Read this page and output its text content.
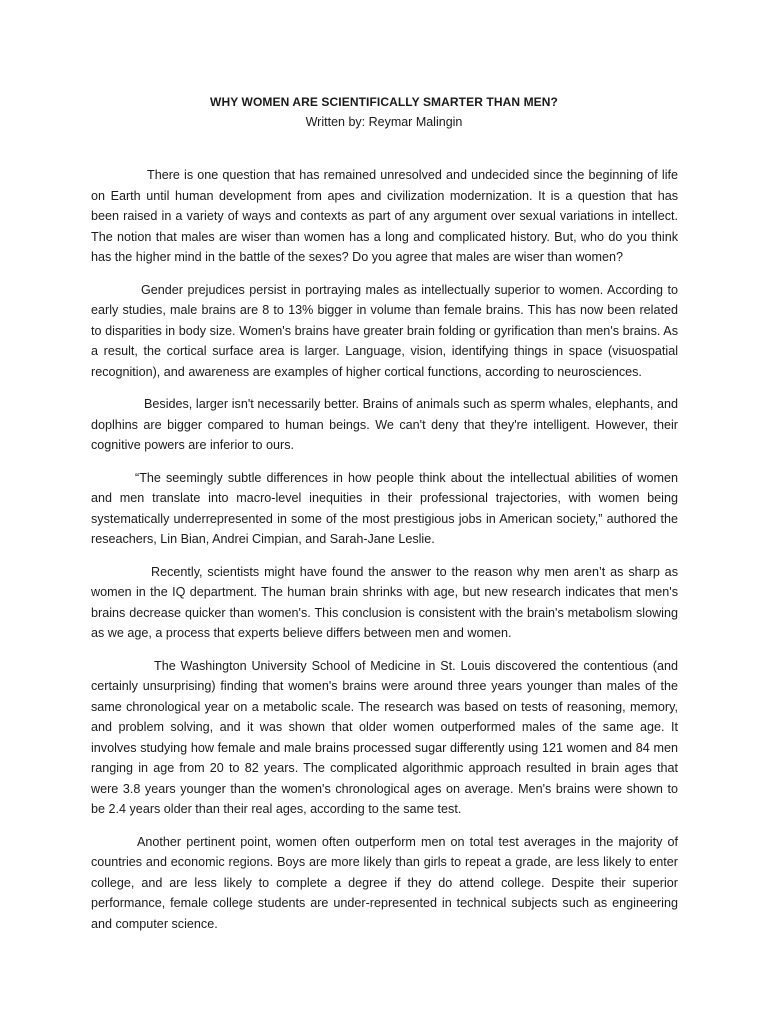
WHY WOMEN ARE SCIENTIFICALLY SMARTER THAN MEN?
Written by: Reymar Malingin

There is one question that has remained unresolved and undecided since the beginning of life on Earth until human development from apes and civilization modernization. It is a question that has been raised in a variety of ways and contexts as part of any argument over sexual variations in intellect. The notion that males are wiser than women has a long and complicated history. But, who do you think has the higher mind in the battle of the sexes? Do you agree that males are wiser than women?

Gender prejudices persist in portraying males as intellectually superior to women. According to early studies, male brains are 8 to 13% bigger in volume than female brains. This has now been related to disparities in body size. Women's brains have greater brain folding or gyrification than men's brains. As a result, the cortical surface area is larger. Language, vision, identifying things in space (visuospatial recognition), and awareness are examples of higher cortical functions, according to neurosciences.

Besides, larger isn't necessarily better. Brains of animals such as sperm whales, elephants, and doplhins are bigger compared to human beings. We can't deny that they're intelligent. However, their cognitive powers are inferior to ours.

“The seemingly subtle differences in how people think about the intellectual abilities of women and men translate into macro-level inequities in their professional trajectories, with women being systematically underrepresented in some of the most prestigious jobs in American society,” authored the reseachers, Lin Bian, Andrei Cimpian, and Sarah-Jane Leslie.

Recently, scientists might have found the answer to the reason why men aren’t as sharp as women in the IQ department. The human brain shrinks with age, but new research indicates that men's brains decrease quicker than women's. This conclusion is consistent with the brain's metabolism slowing as we age, a process that experts believe differs between men and women.

The Washington University School of Medicine in St. Louis discovered the contentious (and certainly unsurprising) finding that women's brains were around three years younger than males of the same chronological year on a metabolic scale. The research was based on tests of reasoning, memory, and problem solving, and it was shown that older women outperformed males of the same age. It involves studying how female and male brains processed sugar differently using 121 women and 84 men ranging in age from 20 to 82 years. The complicated algorithmic approach resulted in brain ages that were 3.8 years younger than the women's chronological ages on average. Men's brains were shown to be 2.4 years older than their real ages, according to the same test.

Another pertinent point, women often outperform men on total test averages in the majority of countries and economic regions. Boys are more likely than girls to repeat a grade, are less likely to enter college, and are less likely to complete a degree if they do attend college. Despite their superior performance, female college students are under-represented in technical subjects such as engineering and computer science.
